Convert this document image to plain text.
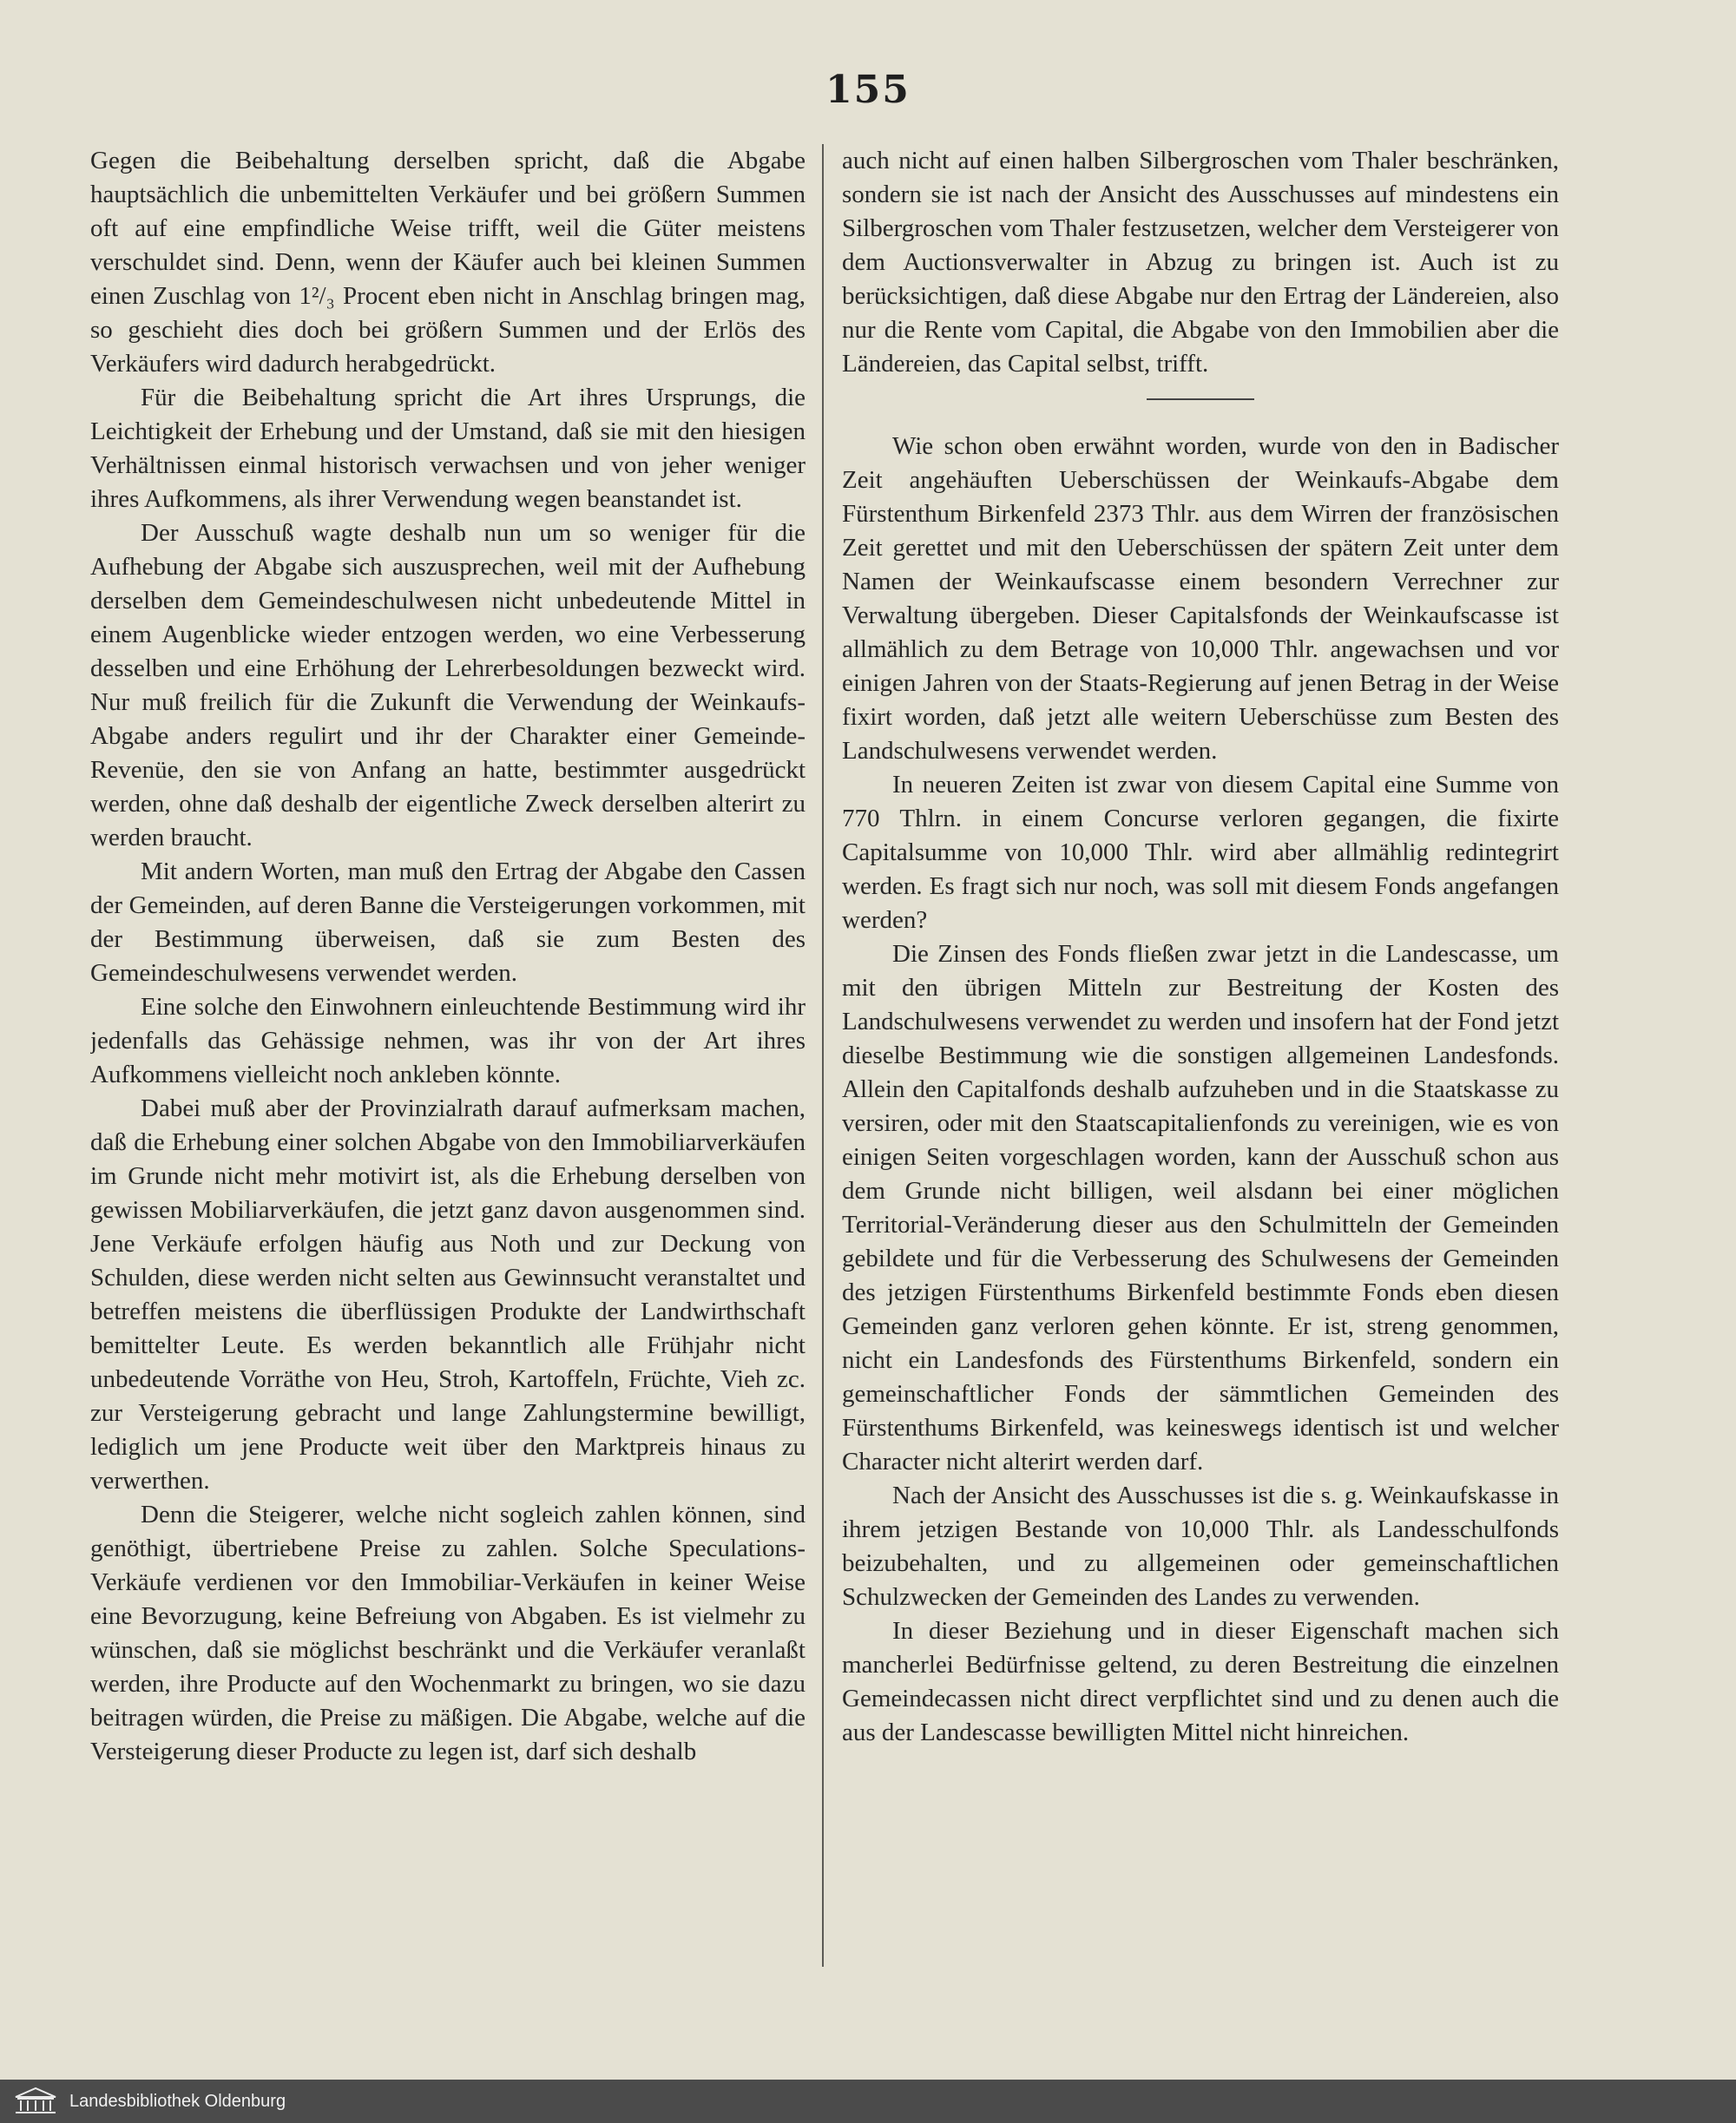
155

Gegen die Beibehaltung derselben spricht, daß die Abgabe hauptsächlich die unbemittelten Verkäufer und bei größern Summen oft auf eine empfindliche Weise trifft, weil die Güter meistens verschuldet sind. Denn, wenn der Käufer auch bei kleinen Summen einen Zuschlag von 1²/₃ Procent eben nicht in Anschlag bringen mag, so geschieht dies doch bei größern Summen und der Erlös des Verkäufers wird dadurch herabgedrückt.

Für die Beibehaltung spricht die Art ihres Ursprungs, die Leichtigkeit der Erhebung und der Umstand, daß sie mit den hiesigen Verhältnissen einmal historisch verwachsen und von jeher weniger ihres Aufkommens, als ihrer Verwendung wegen beanstandet ist.

Der Ausschuß wagte deshalb nun um so weniger für die Aufhebung der Abgabe sich auszusprechen, weil mit der Aufhebung derselben dem Gemeindeschulwesen nicht unbedeutende Mittel in einem Augenblicke wieder entzogen werden, wo eine Verbesserung desselben und eine Erhöhung der Lehrerbesoldungen bezweckt wird. Nur muß freilich für die Zukunft die Verwendung der Weinkaufs-Abgabe anders regulirt und ihr der Charakter einer Gemeinde-Revenüe, den sie von Anfang an hatte, bestimmter ausgedrückt werden, ohne daß deshalb der eigentliche Zweck derselben alterirt zu werden braucht.

Mit andern Worten, man muß den Ertrag der Abgabe den Cassen der Gemeinden, auf deren Banne die Versteigerungen vorkommen, mit der Bestimmung überweisen, daß sie zum Besten des Gemeindeschulwesens verwendet werden.

Eine solche den Einwohnern einleuchtende Bestimmung wird ihr jedenfalls das Gehässige nehmen, was ihr von der Art ihres Aufkommens vielleicht noch ankleben könnte.

Dabei muß aber der Provinzialrath darauf aufmerksam machen, daß die Erhebung einer solchen Abgabe von den Immobiliarverkäufen im Grunde nicht mehr motivirt ist, als die Erhebung derselben von gewissen Mobiliarverkäufen, die jetzt ganz davon ausgenommen sind. Jene Verkäufe erfolgen häufig aus Noth und zur Deckung von Schulden, diese werden nicht selten aus Gewinnsucht veranstaltet und betreffen meistens die überflüssigen Produkte der Landwirthschaft bemittelter Leute. Es werden bekanntlich alle Frühjahr nicht unbedeutende Vorräthe von Heu, Stroh, Kartoffeln, Früchte, Vieh zc. zur Versteigerung gebracht und lange Zahlungstermine bewilligt, lediglich um jene Producte weit über den Marktpreis hinaus zu verwerthen.

Denn die Steigerer, welche nicht sogleich zahlen können, sind genöthigt, übertriebene Preise zu zahlen. Solche Speculations-Verkäufe verdienen vor den Immobiliar-Verkäufen in keiner Weise eine Bevorzugung, keine Befreiung von Abgaben. Es ist vielmehr zu wünschen, daß sie möglichst beschränkt und die Verkäufer veranlaßt werden, ihre Producte auf den Wochenmarkt zu bringen, wo sie dazu beitragen würden, die Preise zu mäßigen. Die Abgabe, welche auf die Versteigerung dieser Producte zu legen ist, darf sich deshalb

auch nicht auf einen halben Silbergroschen vom Thaler beschränken, sondern sie ist nach der Ansicht des Ausschusses auf mindestens ein Silbergroschen vom Thaler festzusetzen, welcher dem Versteigerer von dem Auctionsverwalter in Abzug zu bringen ist. Auch ist zu berücksichtigen, daß diese Abgabe nur den Ertrag der Ländereien, also nur die Rente vom Capital, die Abgabe von den Immobilien aber die Ländereien, das Capital selbst, trifft.

Wie schon oben erwähnt worden, wurde von den in Badischer Zeit angehäuften Ueberschüssen der Weinkaufs-Abgabe dem Fürstenthum Birkenfeld 2373 Thlr. aus dem Wirren der französischen Zeit gerettet und mit den Ueberschüssen der spätern Zeit unter dem Namen der Weinkaufscasse einem besondern Verrechner zur Verwaltung übergeben. Dieser Capitalsfonds der Weinkaufscasse ist allmählich zu dem Betrage von 10,000 Thlr. angewachsen und vor einigen Jahren von der Staats-Regierung auf jenen Betrag in der Weise fixirt worden, daß jetzt alle weitern Ueberschüsse zum Besten des Landschulwesens verwendet werden.

In neueren Zeiten ist zwar von diesem Capital eine Summe von 770 Thlrn. in einem Concurse verloren gegangen, die fixirte Capitalsumme von 10,000 Thlr. wird aber allmählig redintegrirt werden. Es fragt sich nur noch, was soll mit diesem Fonds angefangen werden?

Die Zinsen des Fonds fließen zwar jetzt in die Landescasse, um mit den übrigen Mitteln zur Bestreitung der Kosten des Landschulwesens verwendet zu werden und insofern hat der Fond jetzt dieselbe Bestimmung wie die sonstigen allgemeinen Landesfonds. Allein den Capitalfonds deshalb aufzuheben und in die Staatskasse zu versiren, oder mit den Staatscapitalienfonds zu vereinigen, wie es von einigen Seiten vorgeschlagen worden, kann der Ausschuß schon aus dem Grunde nicht billigen, weil alsdann bei einer möglichen Territorial-Veränderung dieser aus den Schulmitteln der Gemeinden gebildete und für die Verbesserung des Schulwesens der Gemeinden des jetzigen Fürstenthums Birkenfeld bestimmte Fonds eben diesen Gemeinden ganz verloren gehen könnte. Er ist, streng genommen, nicht ein Landesfonds des Fürstenthums Birkenfeld, sondern ein gemeinschaftlicher Fonds der sämmtlichen Gemeinden des Fürstenthums Birkenfeld, was keineswegs identisch ist und welcher Character nicht alterirt werden darf.

Nach der Ansicht des Ausschusses ist die s. g. Weinkaufskasse in ihrem jetzigen Bestande von 10,000 Thlr. als Landesschulfonds beizubehalten, und zu allgemeinen oder gemeinschaftlichen Schulzwecken der Gemeinden des Landes zu verwenden.

In dieser Beziehung und in dieser Eigenschaft machen sich mancherlei Bedürfnisse geltend, zu deren Bestreitung die einzelnen Gemeindecassen nicht direct verpflichtet sind und zu denen auch die aus der Landescasse bewilligten Mittel nicht hinreichen.

Landesbibliothek Oldenburg
